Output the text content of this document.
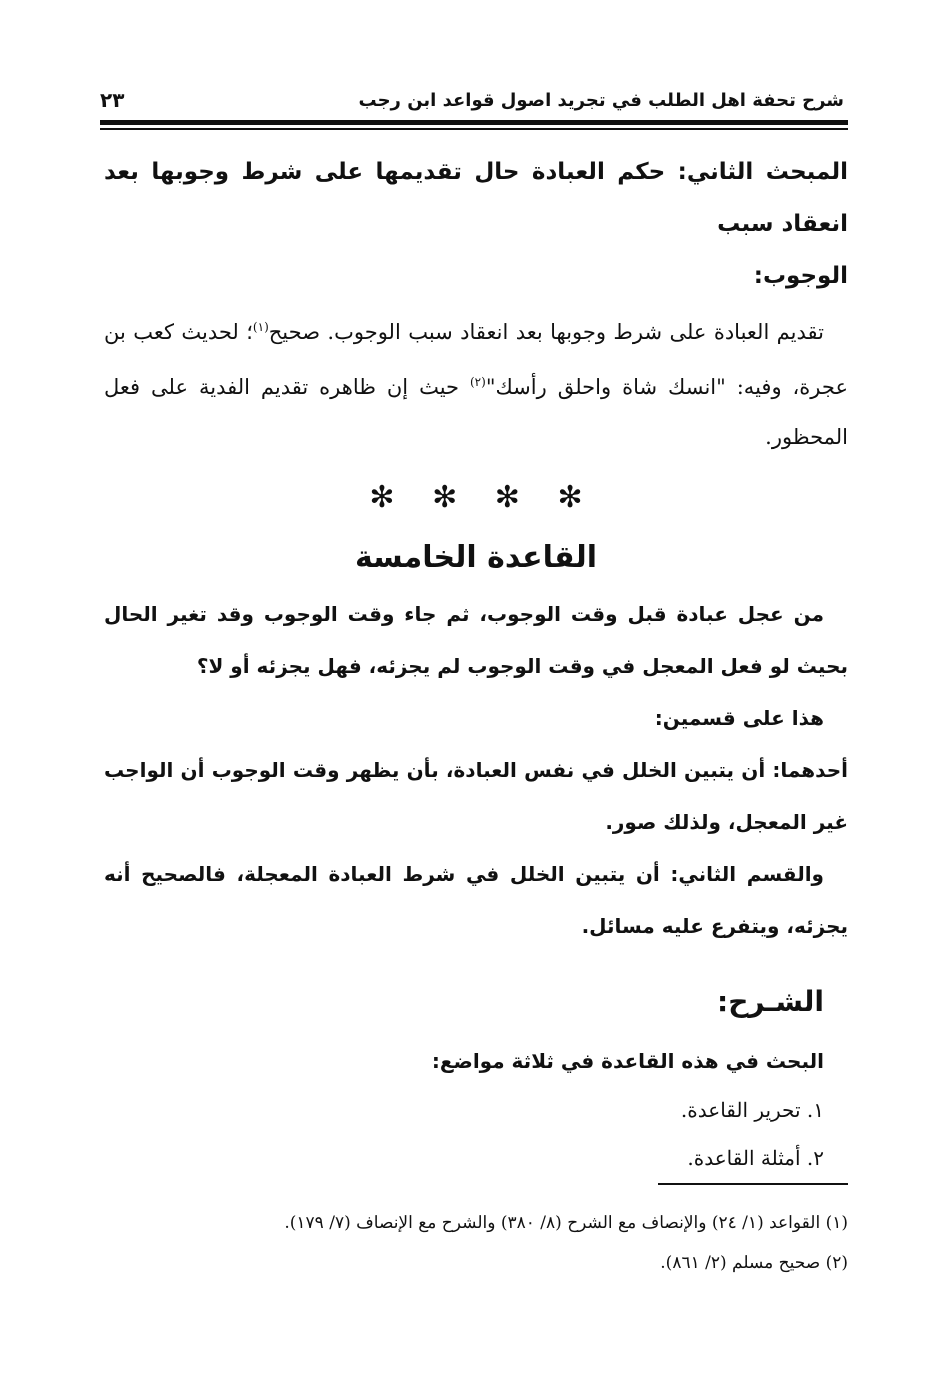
شرح تحفة اهل الطلب في تجريد اصول قواعد ابن رجب
٢٣
المبحث الثاني: حكم العبادة حال تقديمها على شرط وجوبها بعد انعقاد سبب
الوجوب:

تقديم العبادة على شرط وجوبها بعد انعقاد سبب الوجوب. صحيح$^{(١)}$؛ لحديث كعب بن عجرة، وفيه: "انسك شاة واحلق رأسك"$^{(٢)}$ حيث إن ظاهره تقديم الفدية على فعل المحظور.

✻ ✻ ✻ ✻
القاعدة الخامسة

من عجل عبادة قبل وقت الوجوب، ثم جاء وقت الوجوب وقد تغير الحال بحيث لو فعل المعجل في وقت الوجوب لم يجزئه، فهل يجزئه أو لا؟

هذا على قسمين:

أحدهما: أن يتبين الخلل في نفس العبادة، بأن يظهر وقت الوجوب أن الواجب غير المعجل، ولذلك صور.

والقسم الثاني: أن يتبين الخلل في شرط العبادة المعجلة، فالصحيح أنه يجزئه، ويتفرع عليه مسائل.

الشـرح:
البحث في هذه القاعدة في ثلاثة مواضع:
١. تحرير القاعدة.
٢. أمثلة القاعدة.
(١) القواعد (١/ ٢٤) والإنصاف مع الشرح (٨/ ٣٨٠) والشرح مع الإنصاف (٧/ ١٧٩).
(٢) صحيح مسلم (٢/ ٨٦١).
